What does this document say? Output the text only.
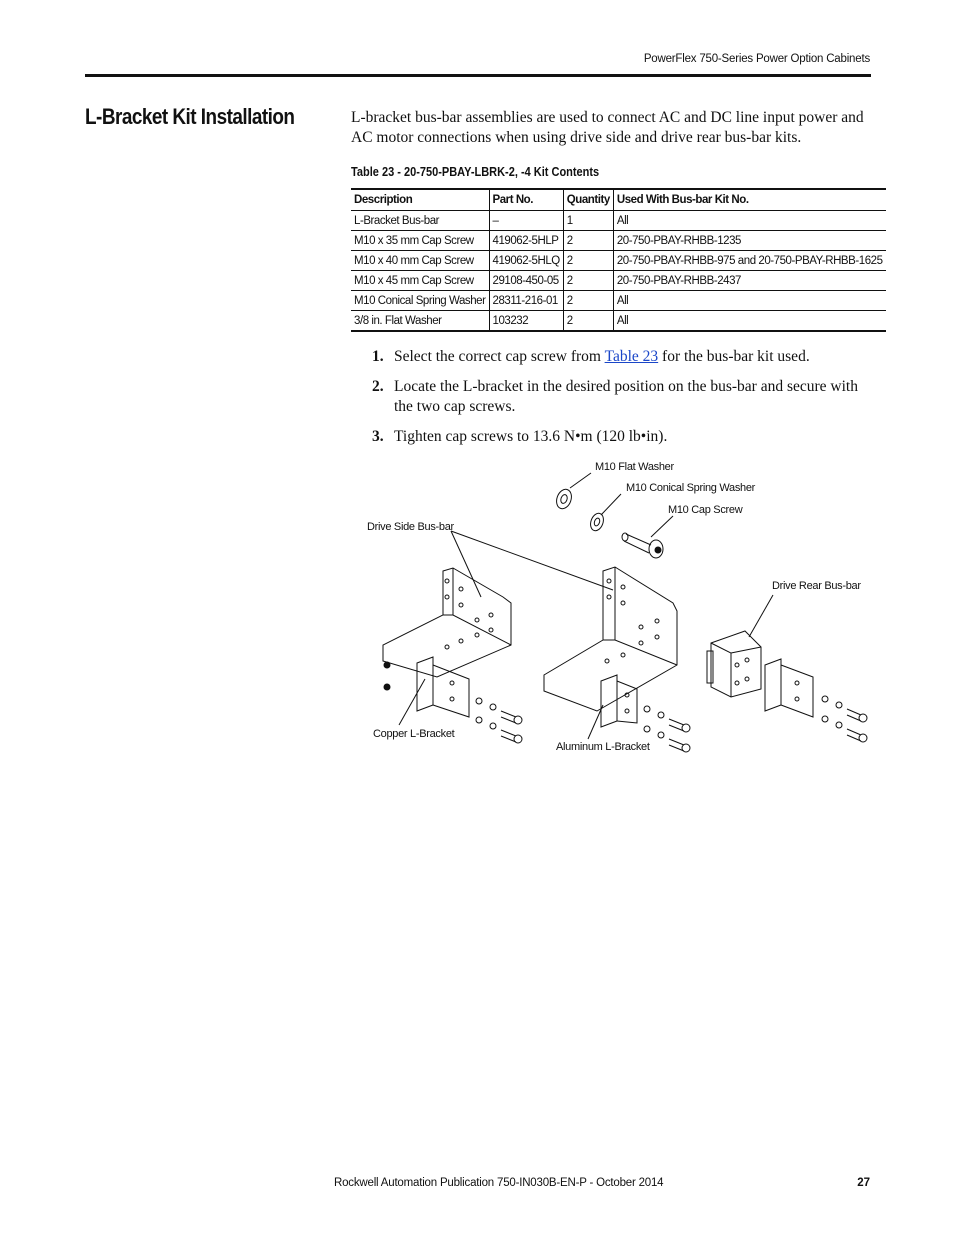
PowerFlex 750-Series Power Option Cabinets
L-Bracket Kit Installation	L-bracket bus-bar assemblies are used to connect AC and DC line input power and AC motor connections when using drive side and drive rear bus-bar kits.

Table 23 - 20-750-PBAY-LBRK-2, -4 Kit Contents
Description	Part No.	Quantity	Used With Bus-bar Kit No.
L-Bracket Bus-bar	–	1	All
M10 x 35 mm Cap Screw	419062-5HLP	2	20-750-PBAY-RHBB-1235
M10 x 40 mm Cap Screw	419062-5HLQ	2	20-750-PBAY-RHBB-975 and 20-750-PBAY-RHBB-1625
M10 x 45 mm Cap Screw	29108-450-05	2	20-750-PBAY-RHBB-2437
M10 Conical Spring Washer	28311-216-01	2	All
3/8 in. Flat Washer	103232	2	All
1. Select the correct cap screw from Table 23 for the bus-bar kit used.
2. Locate the L-bracket in the desired position on the bus-bar and secure with the two cap screws.
3. Tighten cap screws to 13.6 N•m (120 lb•in).
M10 Flat Washer
M10 Conical Spring Washer
M10 Cap Screw
Drive Side Bus-bar
Drive Rear Bus-bar
Copper L-Bracket
Aluminum L-Bracket
Rockwell Automation Publication 750-IN030B-EN-P - October 2014	27
